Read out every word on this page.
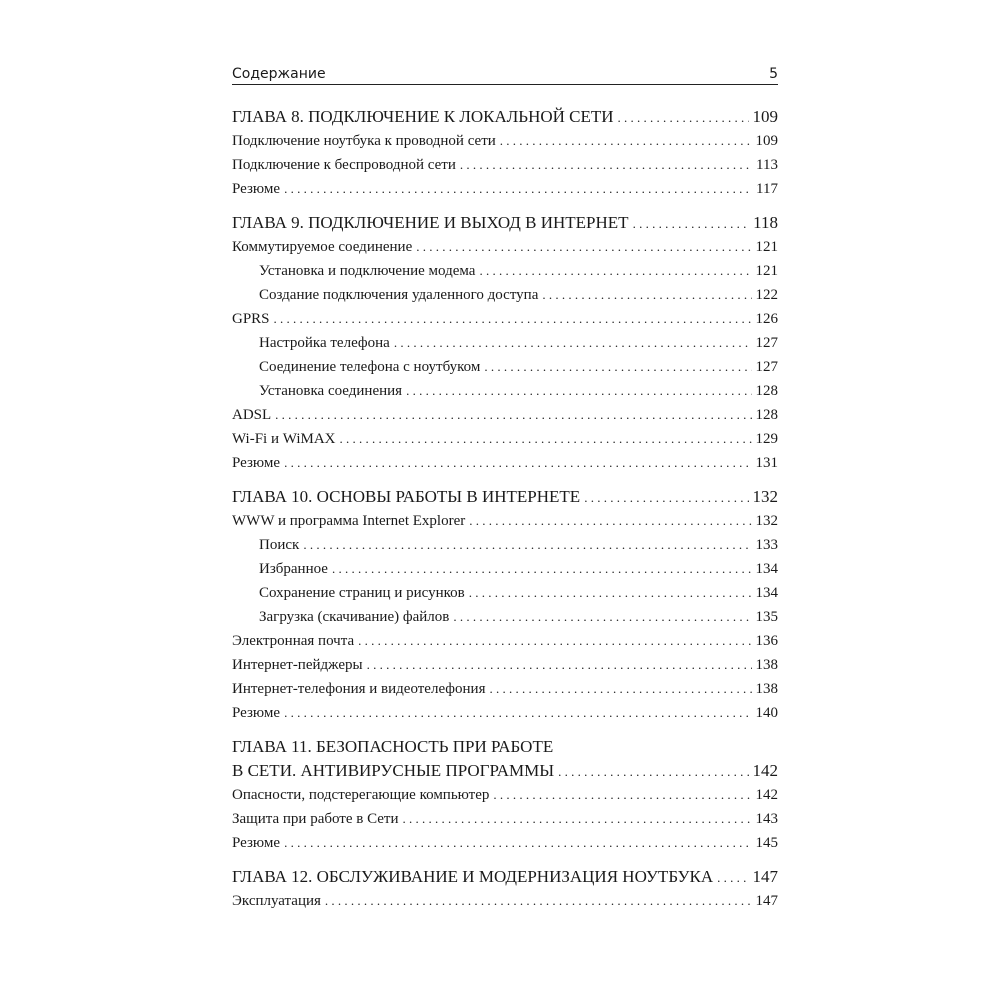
Содержание	5
ГЛАВА 8. ПОДКЛЮЧЕНИЕ К ЛОКАЛЬНОЙ СЕТИ . . .	109
Подключение ноутбука к проводной сети . . .	109
Подключение к беспроводной сети . . .	113
Резюме . . .	117
ГЛАВА 9. ПОДКЛЮЧЕНИЕ И ВЫХОД В ИНТЕРНЕТ . . .	118
Коммутируемое соединение . . .	121
Установка и подключение модема . . .	121
Создание подключения удаленного доступа . . .	122
GPRS . . .	126
Настройка телефона . . .	127
Соединение телефона с ноутбуком . . .	127
Установка соединения . . .	128
ADSL . . .	128
Wi-Fi и WiMAX . . .	129
Резюме . . .	131
ГЛАВА 10. ОСНОВЫ РАБОТЫ В ИНТЕРНЕТЕ . . .	132
WWW и программа Internet Explorer . . .	132
Поиск . . .	133
Избранное . . .	134
Сохранение страниц и рисунков . . .	134
Загрузка (скачивание) файлов . . .	135
Электронная почта . . .	136
Интернет-пейджеры . . .	138
Интернет-телефония и видеотелефония . . .	138
Резюме . . .	140
ГЛАВА 11. БЕЗОПАСНОСТЬ ПРИ РАБОТЕ
В СЕТИ. АНТИВИРУСНЫЕ ПРОГРАММЫ . . .	142
Опасности, подстерегающие компьютер . . .	142
Защита при работе в Сети . . .	143
Резюме . . .	145
ГЛАВА 12. ОБСЛУЖИВАНИЕ И МОДЕРНИЗАЦИЯ НОУТБУКА . . . 147
Эксплуатация . . .	147
